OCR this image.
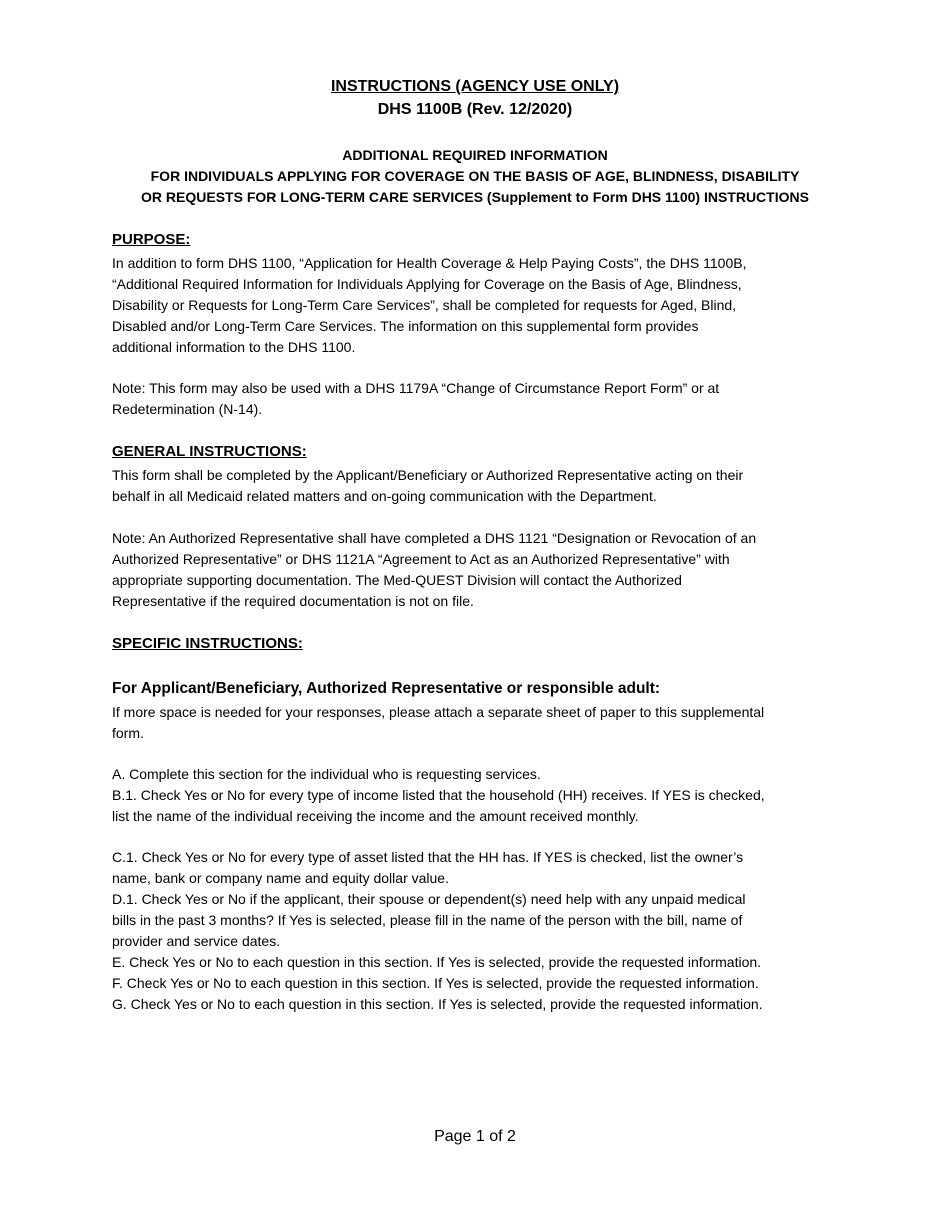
INSTRUCTIONS (AGENCY USE ONLY)
DHS 1100B (Rev. 12/2020)
ADDITIONAL REQUIRED INFORMATION
FOR INDIVIDUALS APPLYING FOR COVERAGE ON THE BASIS OF AGE, BLINDNESS, DISABILITY
OR REQUESTS FOR LONG-TERM CARE SERVICES (Supplement to Form DHS 1100) INSTRUCTIONS
PURPOSE:
In addition to form DHS 1100, “Application for Health Coverage & Help Paying Costs”, the DHS 1100B,
“Additional Required Information for Individuals Applying for Coverage on the Basis of Age, Blindness,
Disability or Requests for Long-Term Care Services”, shall be completed for requests for Aged, Blind,
Disabled and/or Long-Term Care Services. The information on this supplemental form provides
additional information to the DHS 1100.
Note: This form may also be used with a DHS 1179A “Change of Circumstance Report Form” or at
Redetermination (N-14).
GENERAL INSTRUCTIONS:
This form shall be completed by the Applicant/Beneficiary or Authorized Representative acting on their
behalf in all Medicaid related matters and on-going communication with the Department.
Note: An Authorized Representative shall have completed a DHS 1121 “Designation or Revocation of an
Authorized Representative” or DHS 1121A “Agreement to Act as an Authorized Representative” with
appropriate supporting documentation. The Med-QUEST Division will contact the Authorized
Representative if the required documentation is not on file.
SPECIFIC INSTRUCTIONS:
For Applicant/Beneficiary, Authorized Representative or responsible adult:
If more space is needed for your responses, please attach a separate sheet of paper to this supplemental
form.
A. Complete this section for the individual who is requesting services.
B.1. Check Yes or No for every type of income listed that the household (HH) receives. If YES is checked,
list the name of the individual receiving the income and the amount received monthly.
C.1. Check Yes or No for every type of asset listed that the HH has. If YES is checked, list the owner’s
name, bank or company name and equity dollar value.
D.1. Check Yes or No if the applicant, their spouse or dependent(s) need help with any unpaid medical
bills in the past 3 months? If Yes is selected, please fill in the name of the person with the bill, name of
provider and service dates.
E. Check Yes or No to each question in this section. If Yes is selected, provide the requested information.
F. Check Yes or No to each question in this section. If Yes is selected, provide the requested information.
G. Check Yes or No to each question in this section. If Yes is selected, provide the requested information.
Page 1 of 2
